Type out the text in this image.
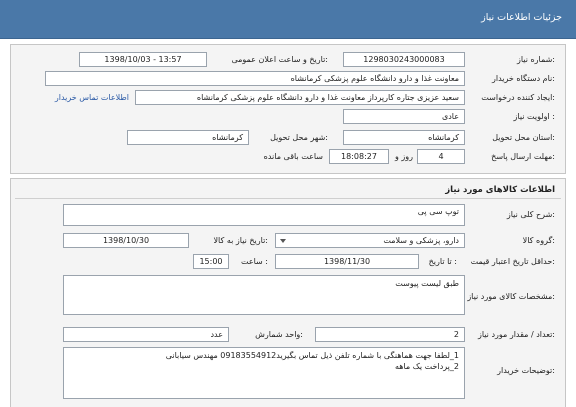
جزئیات اطلاعات نیاز
شماره نیاز:
1298030243000083
تاریخ و ساعت اعلان عمومی:
1398/10/03 - 13:57
نام دستگاه خریدار:
معاونت غذا و دارو دانشگاه علوم پزشکی کرمانشاه
ایجاد کننده درخواست:
سعید عزیزی جتاره کارپرداز معاونت غذا و دارو دانشگاه علوم پزشکی کرمانشاه
اطلاعات تماس خریدار
اولویت نیاز :
عادی
استان محل تحویل:
کرمانشاه
شهر محل تحویل:
کرمانشاه
مهلت ارسال پاسخ:
4
روز و
18:08:27
ساعت باقی مانده
اطلاعات کالاهای مورد نیاز
شرح کلی نیاز:
توپ سی پی
گروه کالا:
دارو، پزشکی و سلامت
تاریخ نیاز به کالا:
1398/10/30
حداقل تاریخ اعتبار قیمت:
تا تاریخ :
1398/11/30
ساعت :
15:00
مشخصات کالای مورد نیاز:
طبق لیست پیوست
تعداد / مقدار مورد نیاز:
2
واحد شمارش:
عدد
توضیحات خریدار:
1_لطفا جهت هماهنگی با شماره تلفن ذیل تماس بگیرید09183554912 مهندس سیابانی
2_پرداخت یک ماهه
